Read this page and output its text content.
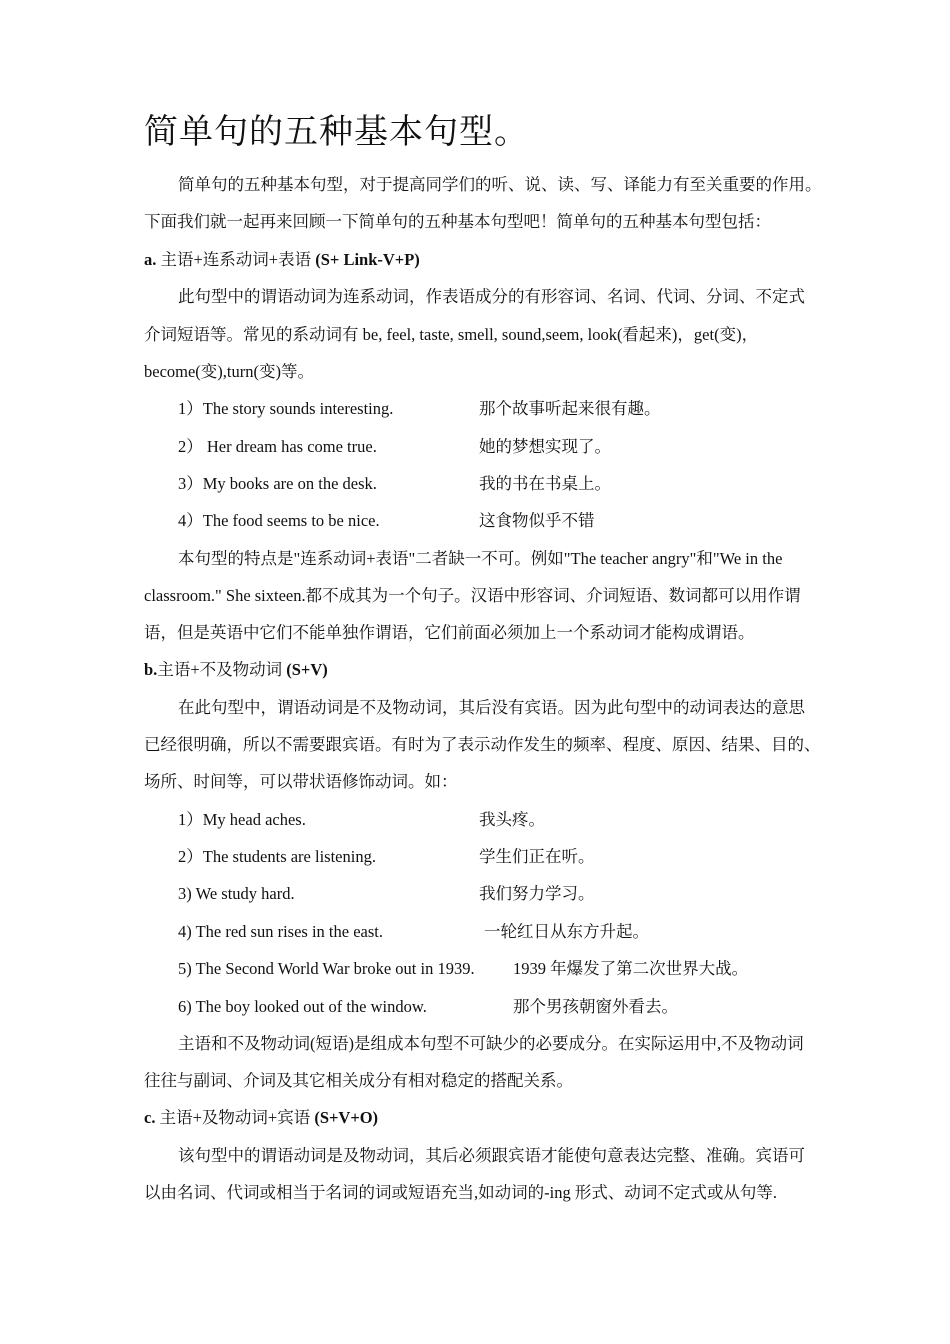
简单句的五种基本句型。
简单句的五种基本句型，对于提高同学们的听、说、读、写、译能力有至关重要的作用。
下面我们就一起再来回顾一下简单句的五种基本句型吧！简单句的五种基本句型包括：
a. 主语+连系动词+表语 (S+ Link-V+P)
此句型中的谓语动词为连系动词，作表语成分的有形容词、名词、代词、分词、不定式
介词短语等。常见的系动词有 be, feel, taste, smell, sound,seem, look(看起来)，get(变)，
become(变),turn(变)等。
1）The story sounds interesting.	那个故事听起来很有趣。
2） Her dream has come true.	她的梦想实现了。
3）My books are on the desk.	我的书在书桌上。
4）The food seems to be nice.	这食物似乎不错
本句型的特点是"连系动词+表语"二者缺一不可。例如"The teacher angry"和"We in the
classroom." She sixteen.都不成其为一个句子。汉语中形容词、介词短语、数词都可以用作谓
语，但是英语中它们不能单独作谓语，它们前面必须加上一个系动词才能构成谓语。
b.主语+不及物动词 (S+V)
在此句型中，谓语动词是不及物动词，其后没有宾语。因为此句型中的动词表达的意思
已经很明确，所以不需要跟宾语。有时为了表示动作发生的频率、程度、原因、结果、目的、
场所、时间等，可以带状语修饰动词。如：
1）My head aches.	我头疼。
2）The students are listening.	学生们正在听。
3) We study hard.	我们努力学习。
4) The red sun rises in the east.	一轮红日从东方升起。
5) The Second World War broke out in 1939. 1939 年爆发了第二次世界大战。
6) The boy looked out of the window.	那个男孩朝窗外看去。
主语和不及物动词(短语)是组成本句型不可缺少的必要成分。在实际运用中,不及物动词
往往与副词、介词及其它相关成分有相对稳定的搭配关系。
c. 主语+及物动词+宾语 (S+V+O)
该句型中的谓语动词是及物动词，其后必须跟宾语才能使句意表达完整、准确。宾语可
以由名词、代词或相当于名词的词或短语充当,如动词的-ing 形式、动词不定式或从句等.
